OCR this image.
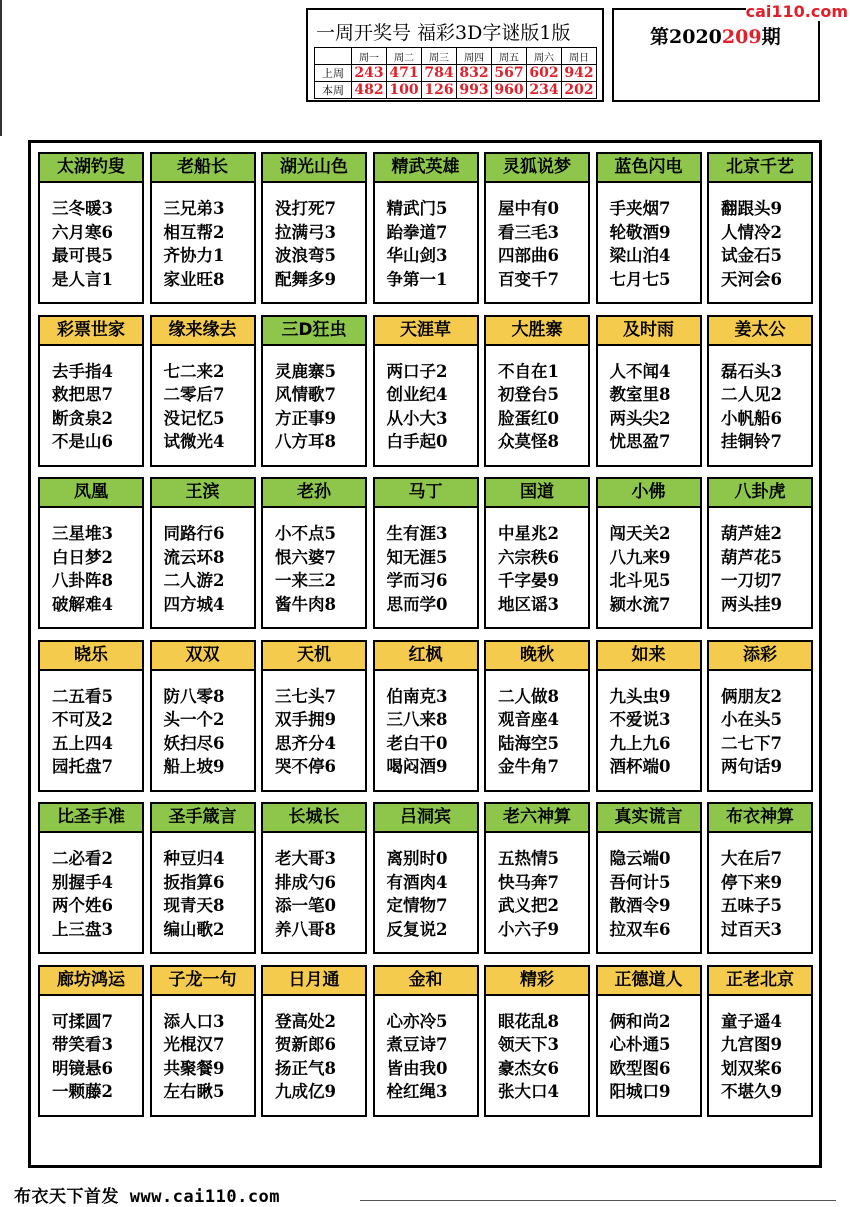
一周开奖号 福彩3D字谜版1版
	周一	周二	周三	周四	周五	周六	周日
上周	243	471	784	832	567	602	942
本周	482	100	126	993	960	234	202
第2020209期
cai110.com
太湖钓叟
三冬暖3
六月寒6
最可畏5
是人言1
老船长
三兄弟3
相互帮2
齐协力1
家业旺8
湖光山色
没打死7
拉满弓3
波浪弯5
配舞多9
精武英雄
精武门5
跆拳道7
华山剑3
争第一1
灵狐说梦
屋中有0
看三毛3
四部曲6
百变千7
蓝色闪电
手夹烟7
轮敬酒9
梁山泊4
七月七5
北京千艺
翻跟头9
人情冷2
试金石5
天河会6
彩票世家
去手指4
救把思7
断贪泉2
不是山6
缘来缘去
七二来2
二零后7
没记忆5
试微光4
三D狂虫
灵鹿寨5
风情歌7
方正事9
八方耳8
天涯草
两口子2
创业纪4
从小大3
白手起0
大胜寨
不自在1
初登台5
脸蛋红0
众莫怪8
及时雨
人不闻4
教室里8
两头尖2
忧思盈7
姜太公
磊石头3
二人见2
小帆船6
挂铜铃7
凤凰
三星堆3
白日梦2
八卦阵8
破解难4
王滨
同路行6
流云环8
二人游2
四方城4
老孙
小不点5
恨六婆7
一来三2
酱牛肉8
马丁
生有涯3
知无涯5
学而习6
思而学0
国道
中星兆2
六宗秩6
千字晏9
地区谣3
小佛
闯天关2
八九来9
北斗见5
颍水流7
八卦虎
葫芦娃2
葫芦花5
一刀切7
两头挂9
晓乐
二五看5
不可及2
五上四4
园托盘7
双双
防八零8
头一个2
妖扫尽6
船上坡9
天机
三七头7
双手拥9
思齐分4
哭不停6
红枫
伯南克3
三八来8
老白干0
喝闷酒9
晚秋
二人做8
观音座4
陆海空5
金牛角7
如来
九头虫9
不爱说3
九上九6
酒杯端0
添彩
俩朋友2
小在头5
二七下7
两句话9
比圣手准
二必看2
别握手4
两个姓6
上三盘3
圣手箴言
种豆归4
扳指算6
现青天8
编山歌2
长城长
老大哥3
排成勺6
添一笔0
养八哥8
吕洞宾
离别时0
有酒肉4
定情物7
反复说2
老六神算
五热情5
快马奔7
武义把2
小六子9
真实谎言
隐云端0
吾何计5
散酒令9
拉双车6
布衣神算
大在后7
停下来9
五味子5
过百天3
廊坊鸿运
可揉圆7
带笑看3
明镜悬6
一颗藤2
子龙一句
添人口3
光棍汉7
共聚餐9
左右瞅5
日月通
登高处2
贺新郎6
扬正气8
九成亿9
金和
心亦冷5
煮豆诗7
皆由我0
栓红绳3
精彩
眼花乱8
领天下3
豪杰女6
张大口4
正德道人
俩和尚2
心朴通5
欧型图6
阳城口9
正老北京
童子遥4
九宫图9
划双桨6
不堪久9
布衣天下首发 www.cai110.com
